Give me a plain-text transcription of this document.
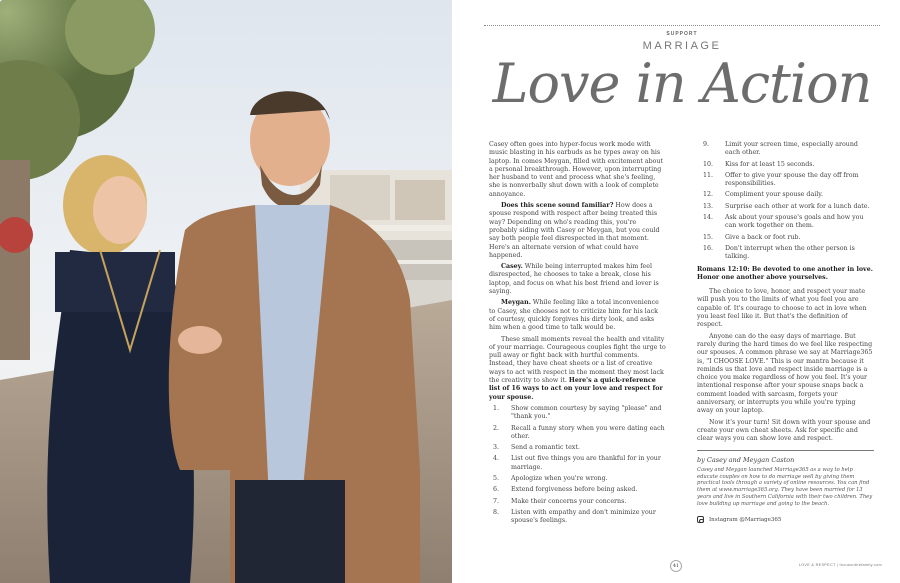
SUPPORT
MARRIAGE
Love in Action

Casey often goes into hyper-focus work mode with music blasting in his earbuds as he types away on his laptop. In comes Meygan, filled with excitement about a personal breakthrough. However, upon interrupting her husband to vent and process what she's feeling, she is nonverbally shut down with a look of complete annoyance.

Does this scene sound familiar? How does a spouse respond with respect after being treated this way? Depending on who's reading this, you're probably siding with Casey or Meygan, but you could say both people feel disrespected in that moment. Here's an alternate version of what could have happened.

Casey. While being interrupted makes him feel disrespected, he chooses to take a break, close his laptop, and focus on what his best friend and lover is saying.

Meygan. While feeling like a total inconvenience to Casey, she chooses not to criticize him for his lack of courtesy, quickly forgives his dirty look, and asks him when a good time to talk would be.

These small moments reveal the health and vitality of your marriage. Courageous couples fight the urge to pull away or fight back with hurtful comments. Instead, they have cheat sheets or a list of creative ways to act with respect in the moment they most lack the creativity to show it. Here's a quick-reference list of 16 ways to act on your love and respect for your spouse.

1. Show common courtesy by saying "please" and "thank you."
2. Recall a funny story when you were dating each other.
3. Send a romantic text.
4. List out five things you are thankful for in your marriage.
5. Apologize when you're wrong.
6. Extend forgiveness before being asked.
7. Make their concerns your concerns.
8. Listen with empathy and don't minimize your spouse's feelings.
9.	Limit your screen time, especially around each other.
10. Kiss for at least 15 seconds.
11. Offer to give your spouse the day off from responsibilities.
12. Compliment your spouse daily.
13. Surprise each other at work for a lunch date.
14. Ask about your spouse's goals and how you can work together on them.
15. Give a back or foot rub.
16. Don't interrupt when the other person is talking.
Romans 12:10: Be devoted to one another in love. Honor one another above yourselves.

The choice to love, honor, and respect your mate will push you to the limits of what you feel you are capable of. It's courage to choose to act in love when you least feel like it. But that's the definition of respect.

Anyone can do the easy days of marriage. But rarely during the hard times do we feel like respecting our spouses. A common phrase we say at Marriage365 is, "I CHOOSE LOVE." This is our mantra because it reminds us that love and respect inside marriage is a choice you make regardless of how you feel. It's your intentional response after your spouse snaps back a comment loaded with sarcasm, forgets your anniversary, or interrupts you while you're typing away on your laptop.

Now it's your turn! Sit down with your spouse and create your own cheat sheets. Ask for specific and clear ways you can show love and respect.

by Casey and Meygan Caston
Casey and Meygan launched Marriage365 as a way to help educate couples on how to do marriage well by giving them practical tools through a variety of online resources. You can find them at www.marriage365.org. They have been married for 13 years and live in Southern California with their two children. They love building up marriage and going to the beach.
Instagram @Marriage365
41	LOVE & RESPECT | focusonthefamily.com
